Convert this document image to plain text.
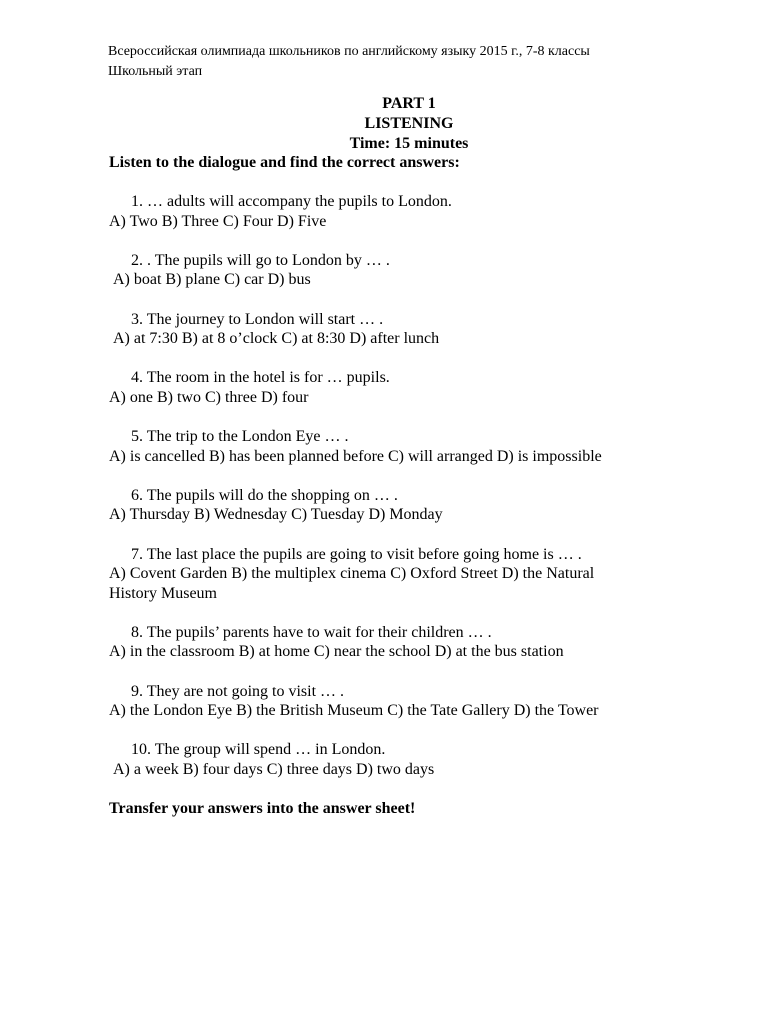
Всероссийская олимпиада школьников по английскому языку 2015 г., 7-8 классы
Школьный этап
PART 1
LISTENING
Time: 15 minutes
Listen to the dialogue and find the correct answers:
1. … adults will accompany the pupils to London.
A) Two B) Three C) Four D) Five
2. . The pupils will go to London by … .
A) boat B) plane C) car D) bus
3. The journey to London will start … .
A) at 7:30 B) at 8 o’clock C) at 8:30 D) after lunch
4. The room in the hotel is for … pupils.
A) one B) two C) three D) four
5. The trip to the London Eye … .
A) is cancelled B) has been planned before C) will arranged D) is impossible
6. The pupils will do the shopping on … .
A) Thursday B) Wednesday C) Tuesday D) Monday
7. The last place the pupils are going to visit before going home is … .
A) Covent Garden B) the multiplex cinema C) Oxford Street D) the Natural
History Museum
8. The pupils’ parents have to wait for their children … .
A) in the classroom B) at home C) near the school D) at the bus station
9. They are not going to visit … .
A) the London Eye B) the British Museum C) the Tate Gallery D) the Tower
10. The group will spend … in London.
A) a week B) four days C) three days D) two days
Transfer your answers into the answer sheet!
